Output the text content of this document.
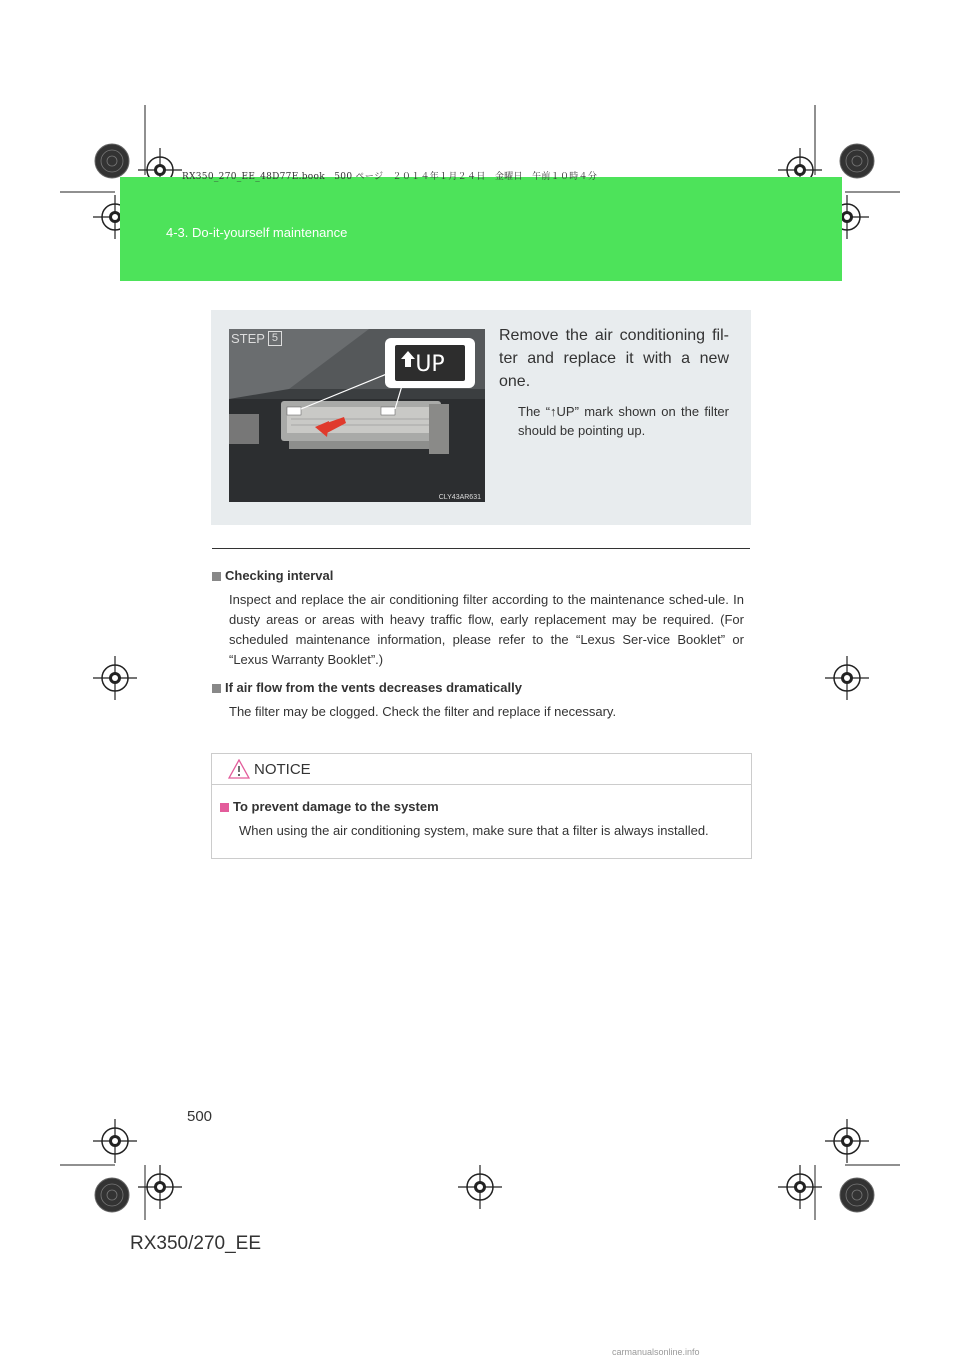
4-3. Do-it-yourself maintenance
RX350_270_EE_48D77E.book　500 ページ　２０１４年１月２４日　金曜日　午前１０時４分
UP
STEP 5
CLY43AR631

Remove the air conditioning fil-ter and replace it with a new one.

The “↑UP” mark shown on the filter should be pointing up.

Checking interval

Inspect and replace the air conditioning filter according to the maintenance sched-ule. In dusty areas or areas with heavy traffic flow, early replacement may be required. (For scheduled maintenance information, please refer to the “Lexus Ser-vice Booklet” or “Lexus Warranty Booklet”.)

If air flow from the vents decreases dramatically

The filter may be clogged. Check the filter and replace if necessary.

NOTICE

To prevent damage to the system

When using the air conditioning system, make sure that a filter is always installed.

500
RX350/270_EE
carmanualsonline.info
